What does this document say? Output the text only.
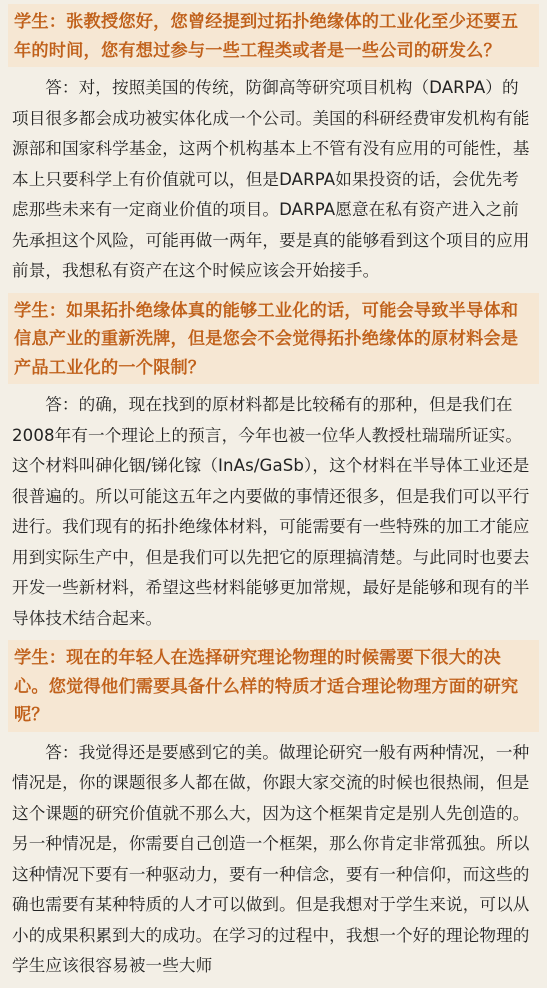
学生：张教授您好，您曾经提到过拓扑绝缘体的工业化至少还要五年的时间，您有想过参与一些工程类或者是一些公司的研发么？

答：对，按照美国的传统，防御高等研究项目机构（DARPA）的项目很多都会成功被实体化成一个公司。美国的科研经费审发机构有能源部和国家科学基金，这两个机构基本上不管有没有应用的可能性，基本上只要科学上有价值就可以，但是DARPA如果投资的话，会优先考虑那些未来有一定商业价值的项目。DARPA愿意在私有资产进入之前先承担这个风险，可能再做一两年，要是真的能够看到这个项目的应用前景，我想私有资产在这个时候应该会开始接手。

学生：如果拓扑绝缘体真的能够工业化的话，可能会导致半导体和信息产业的重新洗牌，但是您会不会觉得拓扑绝缘体的原材料会是产品工业化的一个限制？

答：的确，现在找到的原材料都是比较稀有的那种，但是我们在2008年有一个理论上的预言，今年也被一位华人教授杜瑞瑞所证实。这个材料叫砷化铟/锑化镓（InAs/GaSb），这个材料在半导体工业还是很普遍的。所以可能这五年之内要做的事情还很多，但是我们可以平行进行。我们现有的拓扑绝缘体材料，可能需要有一些特殊的加工才能应用到实际生产中，但是我们可以先把它的原理搞清楚。与此同时也要去开发一些新材料，希望这些材料能够更加常规，最好是能够和现有的半导体技术结合起来。

学生：现在的年轻人在选择研究理论物理的时候需要下很大的决心。您觉得他们需要具备什么样的特质才适合理论物理方面的研究呢？

答：我觉得还是要感到它的美。做理论研究一般有两种情况，一种情况是，你的课题很多人都在做，你跟大家交流的时候也很热闹，但是这个课题的研究价值就不那么大，因为这个框架肯定是别人先创造的。另一种情况是，你需要自己创造一个框架，那么你肯定非常孤独。所以这种情况下要有一种驱动力，要有一种信念，要有一种信仰，而这些的确也需要有某种特质的人才可以做到。但是我想对于学生来说，可以从小的成果积累到大的成功。在学习的过程中，我想一个好的理论物理的学生应该很容易被一些大师
